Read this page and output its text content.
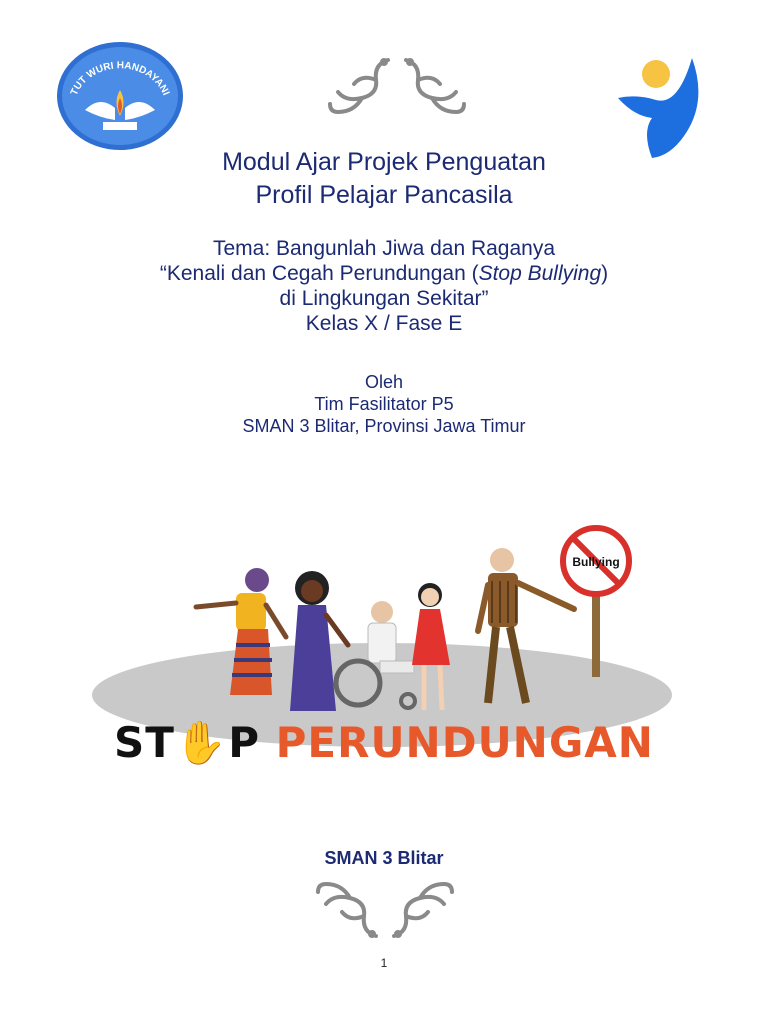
TUT WURI HANDAYANI
Modul Ajar Projek Penguatan
Profil Pelajar Pancasila
Tema: Bangunlah Jiwa dan Raganya
“Kenali dan Cegah Perundungan (Stop Bullying)
di Lingkungan Sekitar”
Kelas X / Fase E
Oleh
Tim Fasilitator P5
SMAN 3 Blitar, Provinsi Jawa Timur
Bullying
ST✋P PERUNDUNGAN
SMAN 3 Blitar
1
